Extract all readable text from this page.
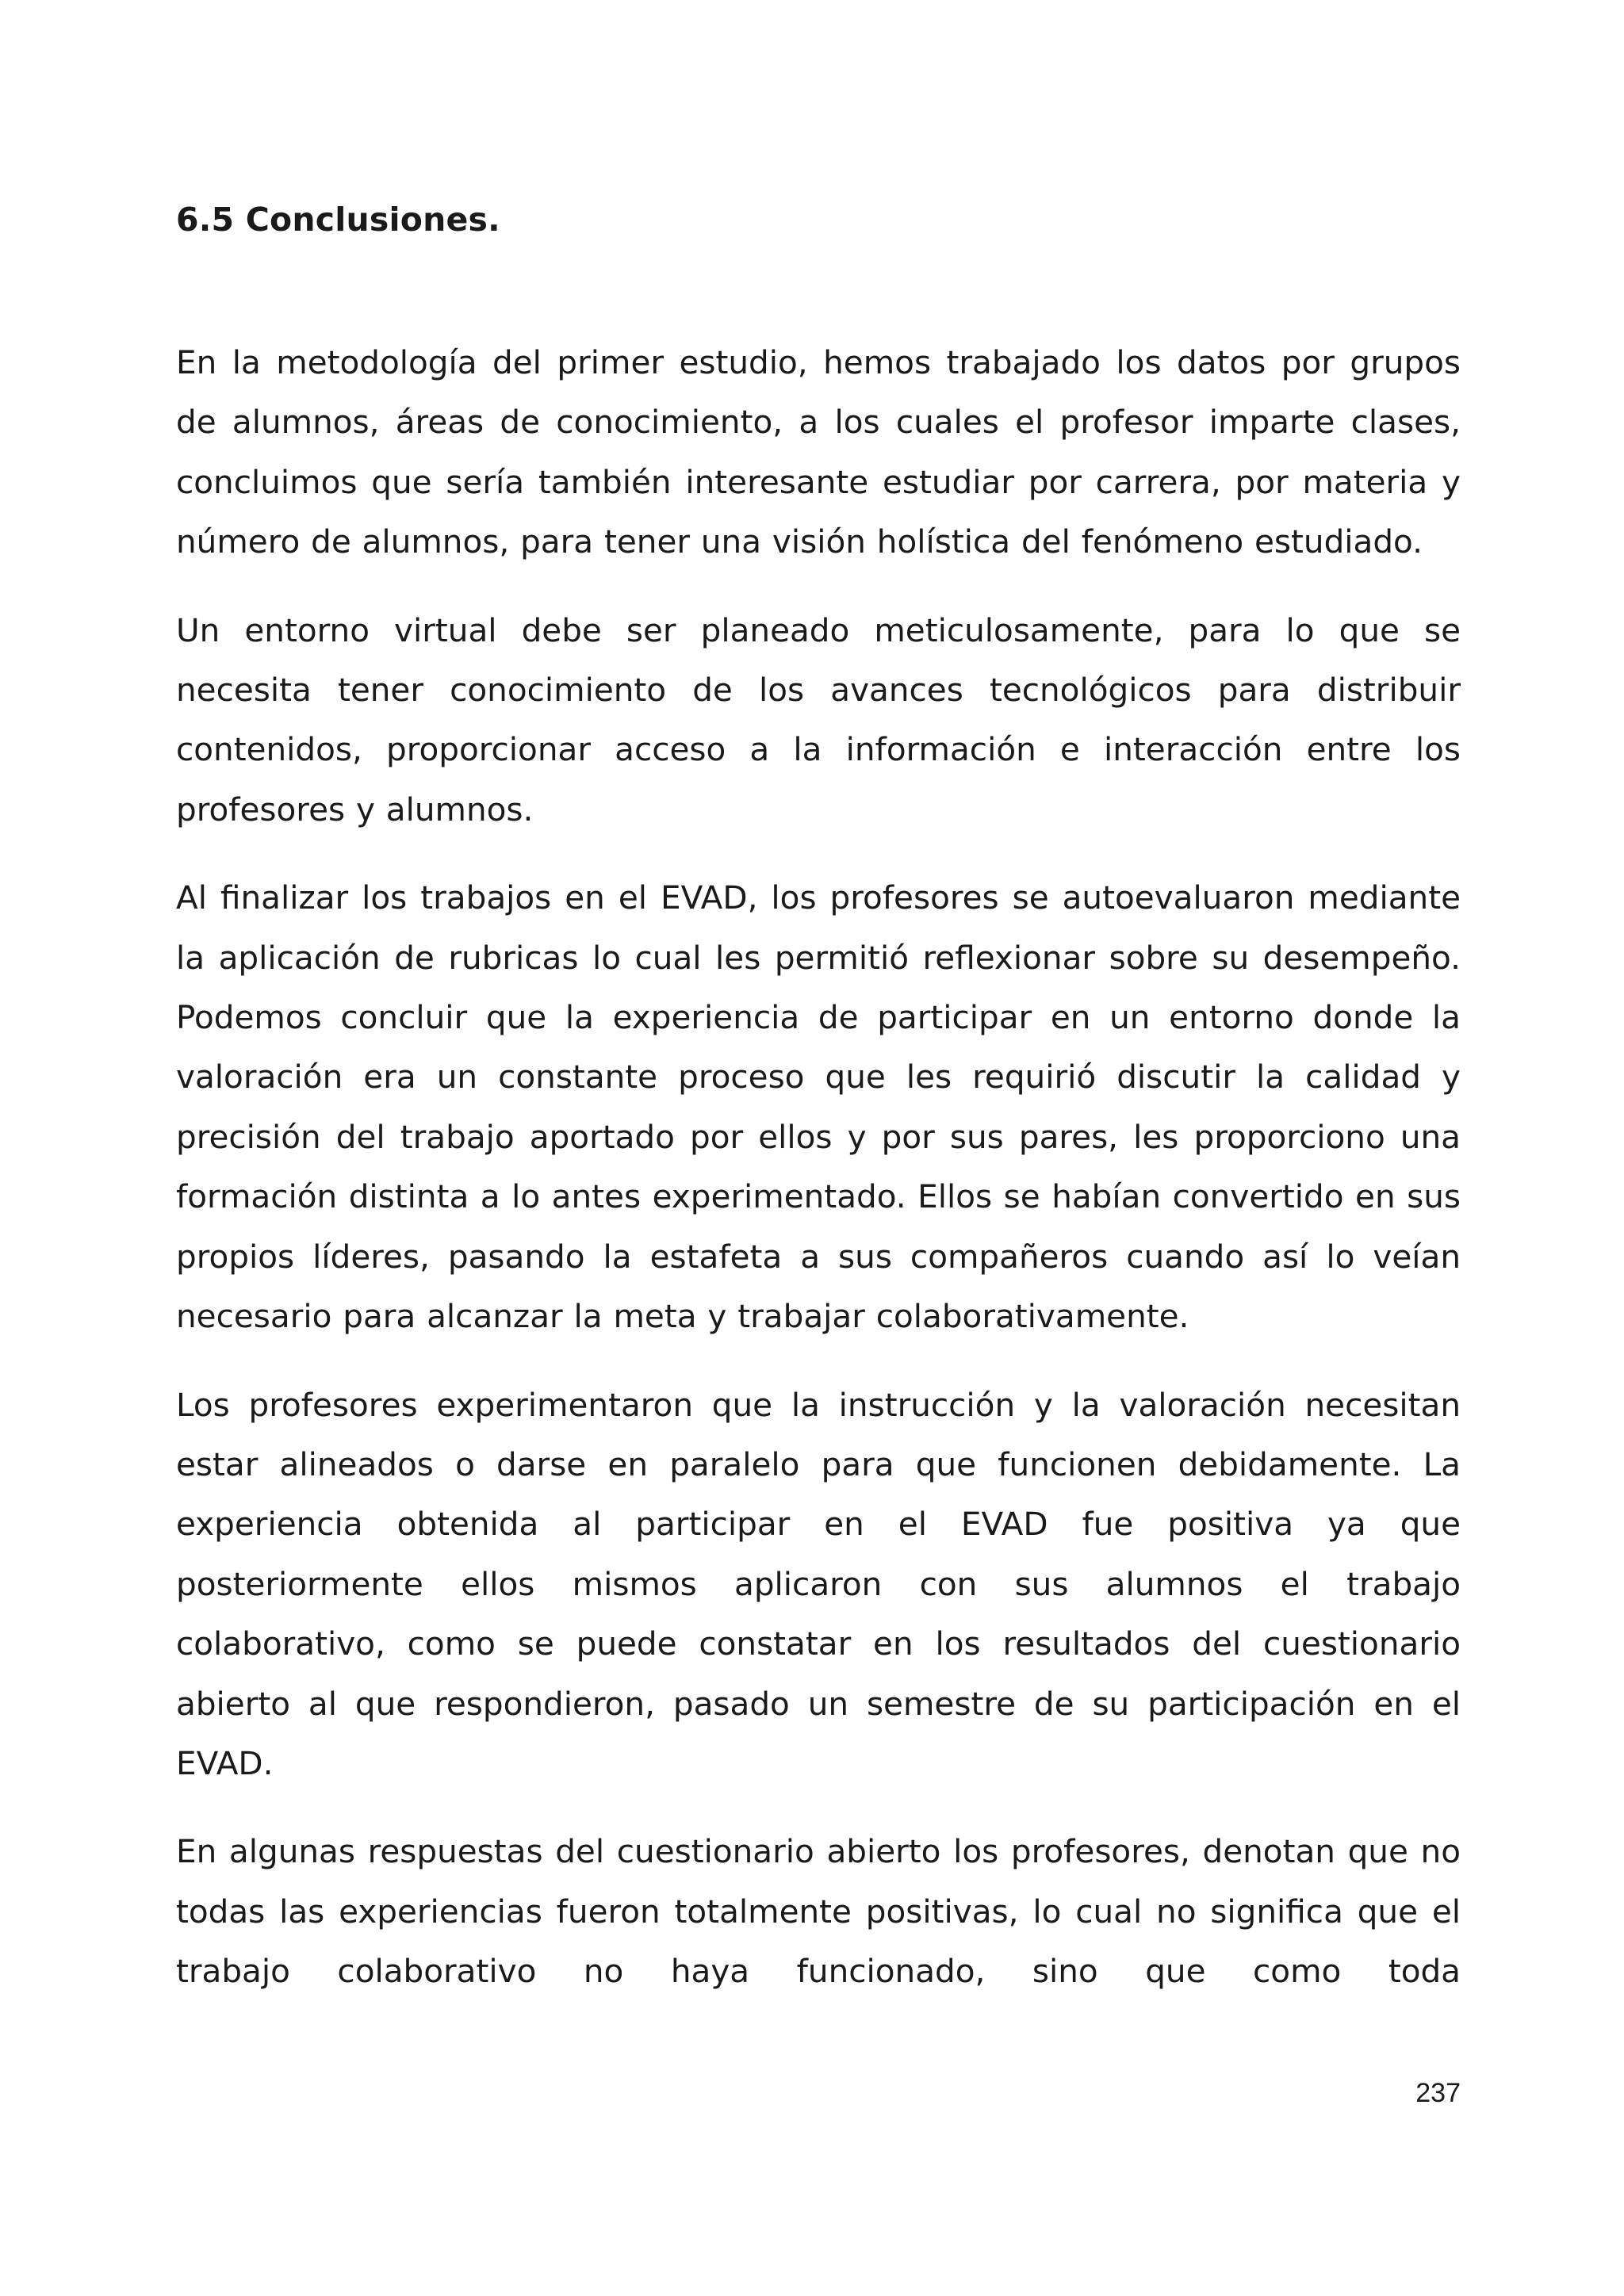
6.5 Conclusiones.

En la metodología del primer estudio, hemos trabajado los datos por grupos de alumnos, áreas de conocimiento, a los cuales el profesor imparte clases, concluimos que sería también interesante estudiar por carrera, por materia y número de alumnos, para tener una visión holística del fenómeno estudiado.

Un entorno virtual debe ser planeado meticulosamente, para lo que se necesita tener conocimiento de los avances tecnológicos para distribuir contenidos, proporcionar acceso a la información e interacción entre los profesores y alumnos.

Al finalizar los trabajos en el EVAD, los profesores se autoevaluaron mediante la aplicación de rubricas lo cual les permitió reflexionar sobre su desempeño. Podemos concluir que la experiencia de participar en un entorno donde la valoración era un constante proceso que les requirió discutir la calidad y precisión del trabajo aportado por ellos y por sus pares, les proporciono una formación distinta a lo antes experimentado. Ellos se habían convertido en sus propios líderes, pasando la estafeta a sus compañeros cuando así lo veían necesario para alcanzar la meta y trabajar colaborativamente.

Los profesores experimentaron que la instrucción y la valoración necesitan estar alineados o darse en paralelo para que funcionen debidamente. La experiencia obtenida al participar en el EVAD fue positiva ya que posteriormente ellos mismos aplicaron con sus alumnos el trabajo colaborativo, como se puede constatar en los resultados del cuestionario abierto al que respondieron, pasado un semestre de su participación en el EVAD.

En algunas respuestas del cuestionario abierto los profesores, denotan que no todas las experiencias fueron totalmente positivas, lo cual no significa que el trabajo colaborativo no haya funcionado, sino que como toda

237
